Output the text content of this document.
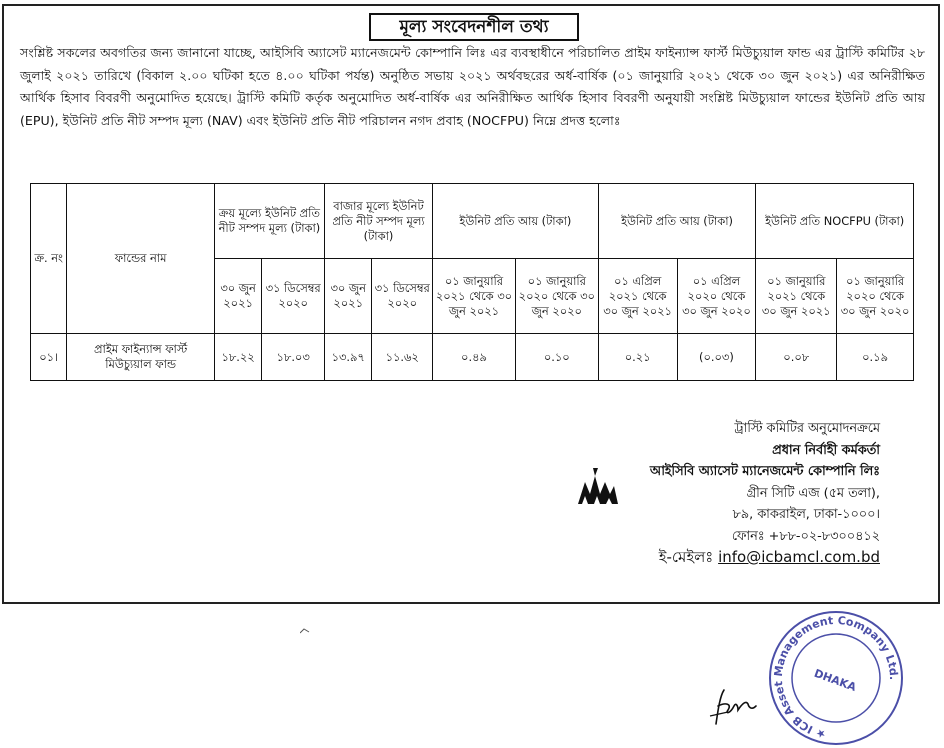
মূল্য সংবেদনশীল তথ্য

সংশ্লিষ্ট সকলের অবগতির জন্য জানানো যাচ্ছে, আইসিবি অ্যাসেট ম্যানেজমেন্ট কোম্পানি লিঃ এর ব্যবস্থাধীনে পরিচালিত প্রাইম ফাইন্যান্স ফার্স্ট মিউচ্যুয়াল ফান্ড এর ট্রাস্টি কমিটির ২৮ জুলাই ২০২১ তারিখে (বিকাল ২.০০ ঘটিকা হতে ৪.০০ ঘটিকা পর্যন্ত) অনুষ্ঠিত সভায় ২০২১ অর্থবছরের অর্ধ-বার্ষিক (০১ জানুয়ারি ২০২১ থেকে ৩০ জুন ২০২১) এর অনিরীক্ষিত আর্থিক হিসাব বিবরণী অনুমোদিত হয়েছে। ট্রাস্টি কমিটি কর্তৃক অনুমোদিত অর্ধ-বার্ষিক এর অনিরীক্ষিত আর্থিক হিসাব বিবরণী অনুযায়ী সংশ্লিষ্ট মিউচ্যুয়াল ফান্ডের ইউনিট প্রতি আয় (EPU), ইউনিট প্রতি নীট সম্পদ মূল্য (NAV) এবং ইউনিট প্রতি নীট পরিচালন নগদ প্রবাহ (NOCFPU) নিম্নে প্রদত্ত হলোঃ

ক্র. নং	ফান্ডের নাম	ক্রয় মূল্যে ইউনিট প্রতি নীট সম্পদ মূল্য (টাকা)		বাজার মূল্যে ইউনিট প্রতি নীট সম্পদ মূল্য (টাকা)		ইউনিট প্রতি আয় (টাকা)		ইউনিট প্রতি আয় (টাকা)		ইউনিট প্রতি NOCFPU (টাকা)	
		৩০ জুন ২০২১	৩১ ডিসেম্বর ২০২০	৩০ জুন ২০২১	৩১ ডিসেম্বর ২০২০	০১ জানুয়ারি ২০২১ থেকে ৩০ জুন ২০২১	০১ জানুয়ারি ২০২০ থেকে ৩০ জুন ২০২০	০১ এপ্রিল ২০২১ থেকে ৩০ জুন ২০২১	০১ এপ্রিল ২০২০ থেকে ৩০ জুন ২০২০	০১ জানুয়ারি ২০২১ থেকে ৩০ জুন ২০২১	০১ জানুয়ারি ২০২০ থেকে ৩০ জুন ২০২০
০১।	প্রাইম ফাইন্যান্স ফার্স্ট মিউচ্যুয়াল ফান্ড	১৮.২২	১৮.০৩	১৩.৯৭	১১.৬২	০.৪৯	০.১০	০.২১	(০.০৩)	০.০৮	০.১৯
ট্রাস্টি কমিটির অনুমোদনক্রমে
প্রধান নির্বাহী কর্মকর্তা
আইসিবি অ্যাসেট ম্যানেজমেন্ট কোম্পানি লিঃ
গ্রীন সিটি এজ (৫ম তলা),
৮৯, কাকরাইল, ঢাকা-১০০০।
ফোনঃ +৮৮-০২-৮৩০০৪১২
ই-মেইলঃ info@icbamcl.com.bd
★ ICB Asset Management Company Ltd.
DHAKA
